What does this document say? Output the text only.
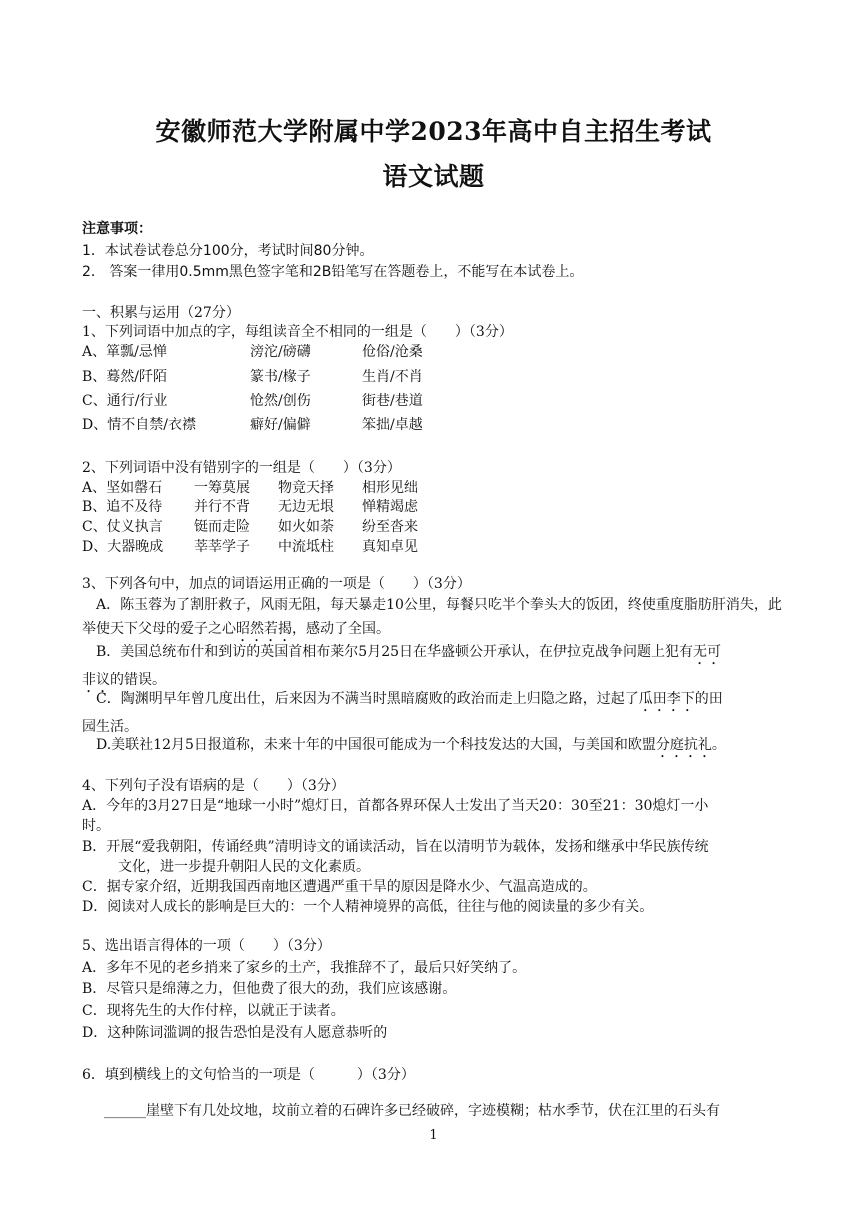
安徽师范大学附属中学2023年高中自主招生考试
语文试题
注意事项：
1．本试卷试卷总分100分，考试时间80分钟。
2． 答案一律用0.5mm黑色签字笔和2B铅笔写在答题卷上，不能写在本试卷上。
一、积累与运用（27分）
1、下列词语中加点的字，每组读音全不相同的一组是（　　）（3分）
A、箪瓢/忌惮	滂沱/磅礴	伧俗/沧桑
B、蓦然/阡陌	篆书/椽子	生肖/不肖
C、通行/行业	怆然/创伤	街巷/巷道
D、情不自禁/衣襟	癖好/偏僻	笨拙/卓越
2、下列词语中没有错别字的一组是（　　）（3分）
A、坚如罄石 一筹莫展 物竞天择 相形见绌
B、追不及待 并行不背 无边无垠 惮精竭虑
C、仗义执言 铤而走险 如火如荼 纷至沓来
D、大器晚成 莘莘学子 中流坻柱 真知卓见
3、下列各句中，加点的词语运用正确的一项是（　　）（3分）
A．陈玉蓉为了割肝救子，风雨无阻，每天暴走10公里，每餐只吃半个拳头大的饭团，终使重度脂肪肝消失，此举使天下父母的爱子之心昭然若揭，感动了全国。
B．美国总统布什和到访的英国首相布莱尔5月25日在华盛顿公开承认，在伊拉克战争问题上犯有无可
非议的错误。
C．陶渊明早年曾几度出仕，后来因为不满当时黑暗腐败的政治而走上归隐之路，过起了瓜田李下的田
园生活。
D.美联社12月5日报道称，未来十年的中国很可能成为一个科技发达的大国，与美国和欧盟分庭抗礼。
4、下列句子没有语病的是（　　）（3分）
A．今年的3月27日是“地球一小时”熄灯日，首都各界环保人士发出了当天20：30至21：30熄灯一小
时。
B．开展“爱我朝阳，传诵经典”清明诗文的诵读活动，旨在以清明节为载体，发扬和继承中华民族传统
文化，进一步提升朝阳人民的文化素质。
C．据专家介绍，近期我国西南地区遭遇严重干旱的原因是降水少、气温高造成的。
D．阅读对人成长的影响是巨大的：一个人精神境界的高低，往往与他的阅读量的多少有关。
5、选出语言得体的一项（　　）（3分）
A．多年不见的老乡捎来了家乡的土产，我推辞不了，最后只好笑纳了。
B．尽管只是绵薄之力，但他费了很大的劲，我们应该感谢。
C．现将先生的大作付梓，以就正于读者。
D．这种陈词滥调的报告恐怕是没有人愿意恭听的
6．填到横线上的文句恰当的一项是（　　　）（3分）
______崖壁下有几处坟地，坟前立着的石碑许多已经破碎，字迹模糊；枯水季节，伏在江里的石头有
1
